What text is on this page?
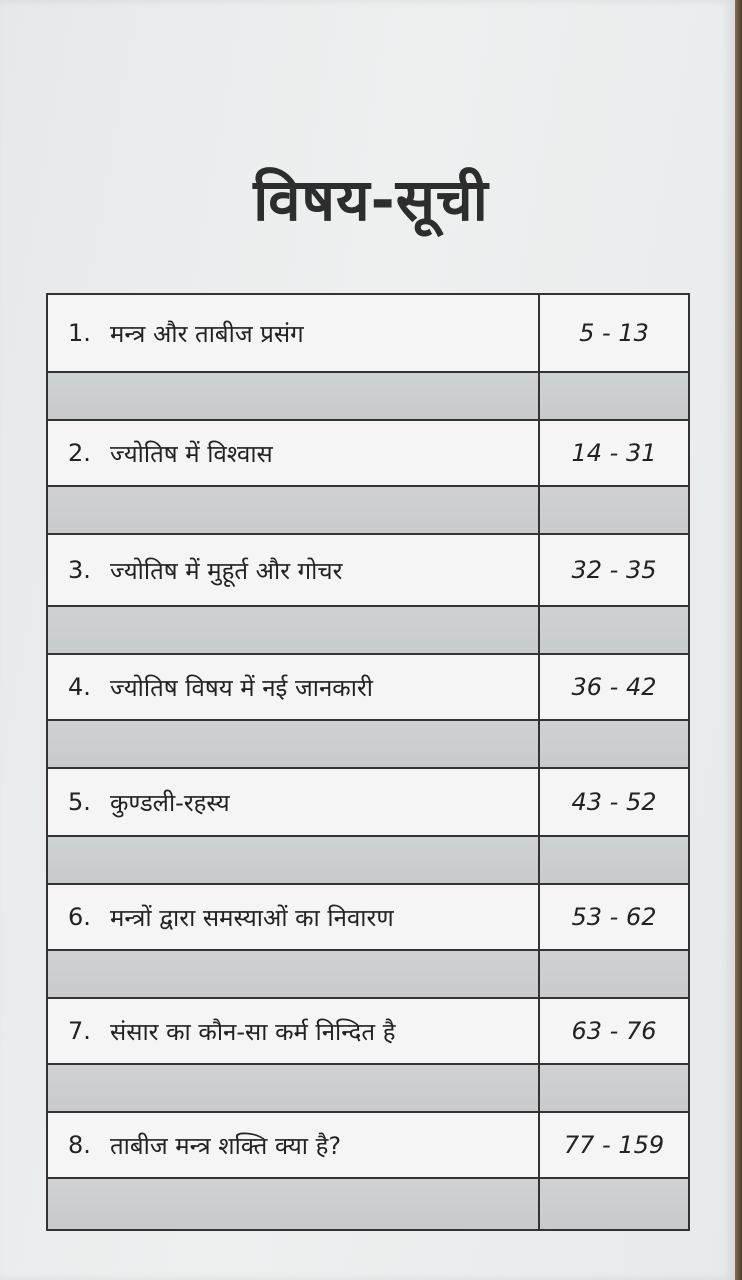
विषय-सूची
1. मन्त्र और ताबीज प्रसंग	5 - 13
2. ज्योतिष में विश्वास	14 - 31
3. ज्योतिष में मुहूर्त और गोचर	32 - 35
4. ज्योतिष विषय में नई जानकारी	36 - 42
5. कुण्डली-रहस्य	43 - 52
6. मन्त्रों द्वारा समस्याओं का निवारण	53 - 62
7. संसार का कौन-सा कर्म निन्दित है	63 - 76
8. ताबीज मन्त्र शक्ति क्या है?	77 - 159
